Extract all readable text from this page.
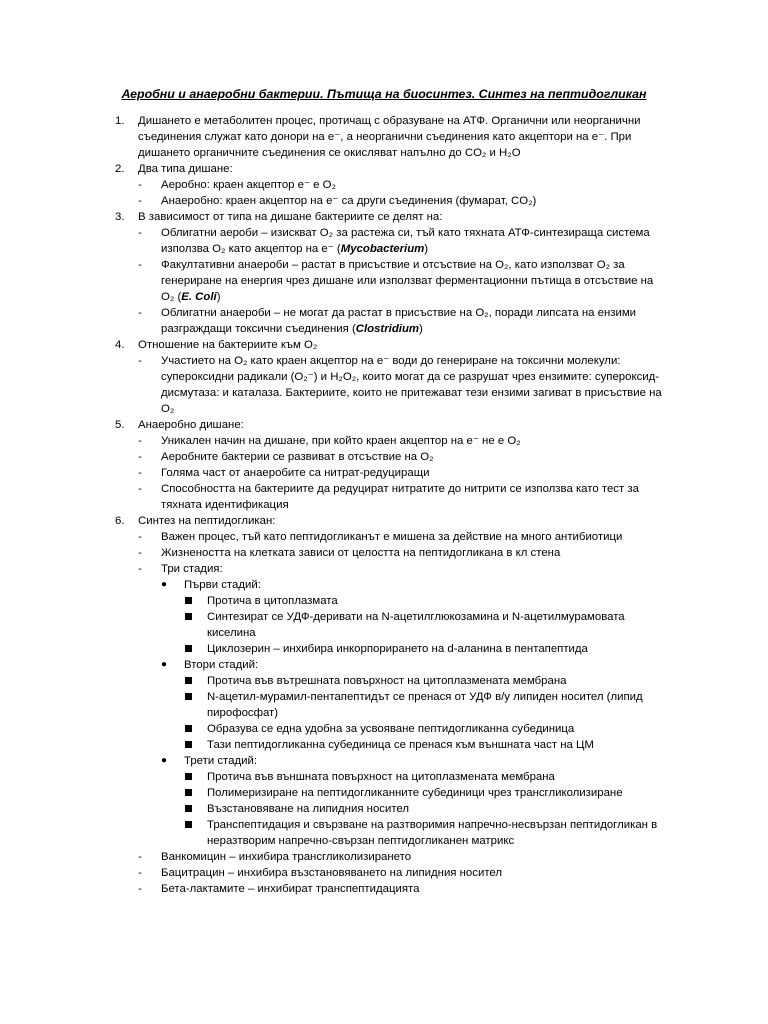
Аеробни и анаеробни бактерии. Пътища на биосинтез. Синтез на пептидогликан
1. Дишането е метаболитен процес, протичащ с образуване на АТФ. Органични или неорганични
съединения служат като донори на е⁻, а неорганични съединения като акцептори на е⁻. При
дишането органичните съединения се окисляват напълно до CO₂ и H₂O
2. Два типа дишане:
- Аеробно: краен акцептор е⁻ е O₂
- Анаеробно: краен акцептор на е⁻ са други съединения (фумарат, CO₂)
3. В зависимост от типа на дишане бактериите се делят на:
- Облигатни аероби – изискват O₂ за растежа си, тъй като тяхната АТФ-синтезираща система
използва O₂ като акцептор на е⁻ (Mycobacterium)
- Факултативни анаероби – растат в присъствие и отсъствие на O₂, като използват O₂ за
генериране на енергия чрез дишане или използват ферментационни пътища в отсъствие на
O₂ (E. Coli)
- Облигатни анаероби – не могат да растат в присъствие на O₂, поради липсата на ензими
разграждащи токсични съединения (Clostridium)
4. Отношение на бактериите към O₂
- Участието на O₂ като краен акцептор на е⁻ води до генериране на токсични молекули:
супероксидни радикали (O₂⁻) и H₂O₂, които могат да се разрушат чрез ензимите: супероксид-
дисмутаза: и каталаза. Бактериите, които не притежават тези ензими загиват в присъствие на
O₂
5. Анаеробно дишане:
- Уникален начин на дишане, при който краен акцептор на е⁻ не е O₂
- Аеробните бактерии се развиват в отсъствие на O₂
- Голяма част от анаеробите са нитрат-редуциращи
- Способността на бактериите да редуцират нитратите до нитрити се използва като тест за
тяхната идентификация
6. Синтез на пептидогликан:
- Важен процес, тъй като пептидогликанът е мишена за действие на много антибиотици
- Жизнеността на клетката зависи от целостта на пептидогликана в кл стена
- Три стадия:
● Първи стадий:
Протича в цитоплазмата
Синтезират се УДФ-деривати на N-ацетилглюкозамина и N-ацетилмурамовата
киселина
Циклозерин – инхибира инкорпорирането на d-аланина в пентапептида
● Втори стадий:
Протича във вътрешната повърхност на цитоплазмената мембрана
N-ацетил-мурамил-пентапептидът се пренася от УДФ в/у липиден носител (липид
пирофосфат)
Образува се една удобна за усвояване пептидогликанна субединица
Тази пептидогликанна субединица се пренася към външната част на ЦМ
● Трети стадий:
Протича във външната повърхност на цитоплазмената мембрана
Полимеризиране на пептидогликанните субединици чрез трансгликолизиране
Възстановяване на липидния носител
Транспептидация и свързване на разтворимия напречно-несвързан пептидогликан в
неразтворим напречно-свързан пептидогликанен матрикс
- Ванкомицин – инхибира трансгликолизирането
- Бацитрацин – инхибира възстановяването на липидния носител
- Бета-лактамите – инхибират транспептидацията
